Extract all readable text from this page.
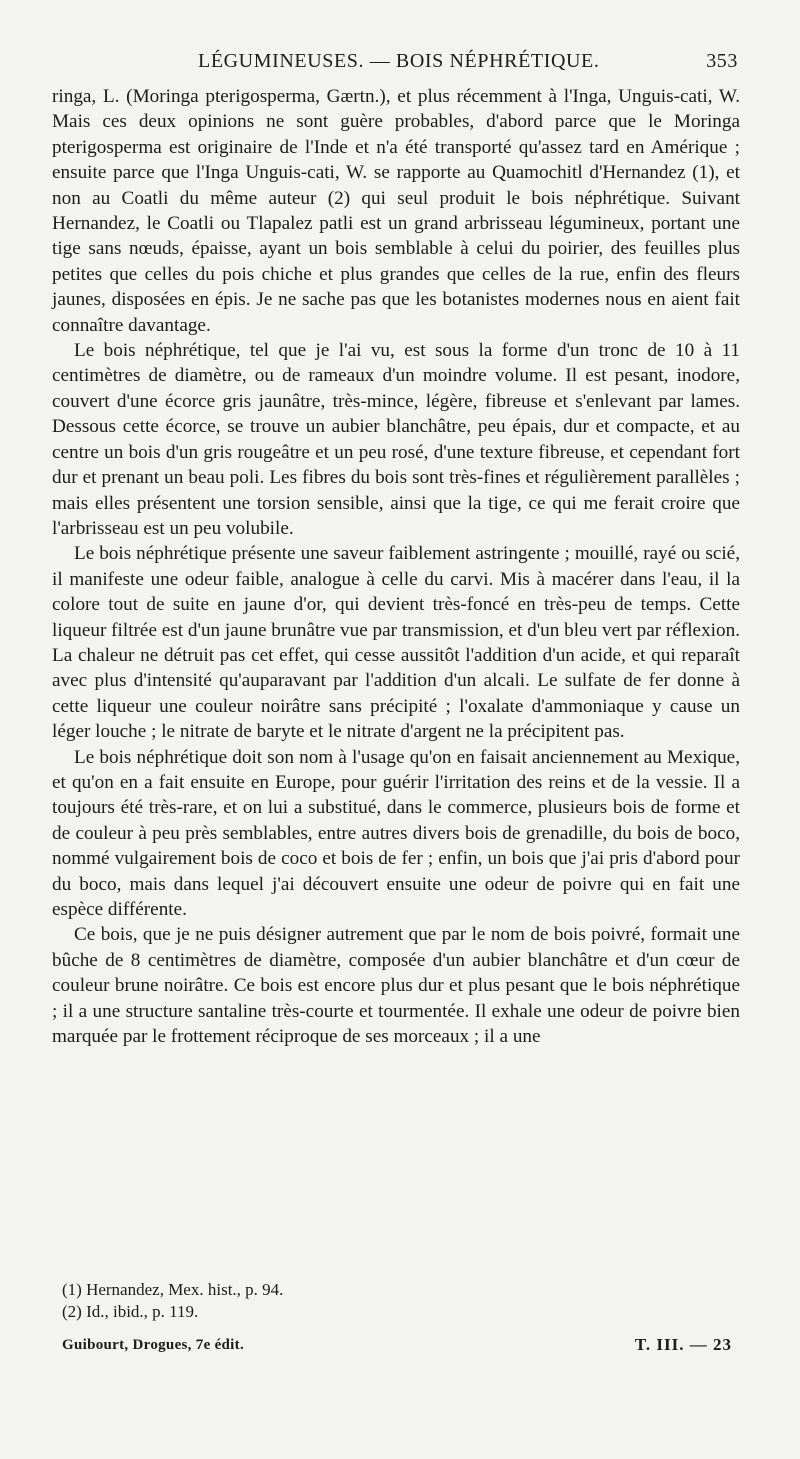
LÉGUMINEUSES. — BOIS NÉPHRÉTIQUE.	353

ringa, L. (Moringa pterigosperma, Gærtn.), et plus récemment à l'Inga, Unguis-cati, W. Mais ces deux opinions ne sont guère probables, d'abord parce que le Moringa pterigosperma est originaire de l'Inde et n'a été transporté qu'assez tard en Amérique ; ensuite parce que l'Inga Unguis-cati, W. se rapporte au Quamochitl d'Hernandez (1), et non au Coatli du même auteur (2) qui seul produit le bois néphrétique. Suivant Hernandez, le Coatli ou Tlapalez patli est un grand arbrisseau légumineux, portant une tige sans nœuds, épaisse, ayant un bois semblable à celui du poirier, des feuilles plus petites que celles du pois chiche et plus grandes que celles de la rue, enfin des fleurs jaunes, disposées en épis. Je ne sache pas que les botanistes modernes nous en aient fait connaître davantage.

Le bois néphrétique, tel que je l'ai vu, est sous la forme d'un tronc de 10 à 11 centimètres de diamètre, ou de rameaux d'un moindre volume. Il est pesant, inodore, couvert d'une écorce gris jaunâtre, très-mince, légère, fibreuse et s'enlevant par lames. Dessous cette écorce, se trouve un aubier blanchâtre, peu épais, dur et compacte, et au centre un bois d'un gris rougeâtre et un peu rosé, d'une texture fibreuse, et cependant fort dur et prenant un beau poli. Les fibres du bois sont très-fines et régulièrement parallèles ; mais elles présentent une torsion sensible, ainsi que la tige, ce qui me ferait croire que l'arbrisseau est un peu volubile.

Le bois néphrétique présente une saveur faiblement astringente ; mouillé, rayé ou scié, il manifeste une odeur faible, analogue à celle du carvi. Mis à macérer dans l'eau, il la colore tout de suite en jaune d'or, qui devient très-foncé en très-peu de temps. Cette liqueur filtrée est d'un jaune brunâtre vue par transmission, et d'un bleu vert par réflexion. La chaleur ne détruit pas cet effet, qui cesse aussitôt l'addition d'un acide, et qui reparaît avec plus d'intensité qu'auparavant par l'addition d'un alcali. Le sulfate de fer donne à cette liqueur une couleur noirâtre sans précipité ; l'oxalate d'ammoniaque y cause un léger louche ; le nitrate de baryte et le nitrate d'argent ne la précipitent pas.

Le bois néphrétique doit son nom à l'usage qu'on en faisait anciennement au Mexique, et qu'on en a fait ensuite en Europe, pour guérir l'irritation des reins et de la vessie. Il a toujours été très-rare, et on lui a substitué, dans le commerce, plusieurs bois de forme et de couleur à peu près semblables, entre autres divers bois de grenadille, du bois de boco, nommé vulgairement bois de coco et bois de fer ; enfin, un bois que j'ai pris d'abord pour du boco, mais dans lequel j'ai découvert ensuite une odeur de poivre qui en fait une espèce différente.

Ce bois, que je ne puis désigner autrement que par le nom de bois poivré, formait une bûche de 8 centimètres de diamètre, composée d'un aubier blanchâtre et d'un cœur de couleur brune noirâtre. Ce bois est encore plus dur et plus pesant que le bois néphrétique ; il a une structure santaline très-courte et tourmentée. Il exhale une odeur de poivre bien marquée par le frottement réciproque de ses morceaux ; il a une

(1) Hernandez, Mex. hist., p. 94.
(2) Id., ibid., p. 119.
Guibourt, Drogues, 7e édit.	T. III. — 23
